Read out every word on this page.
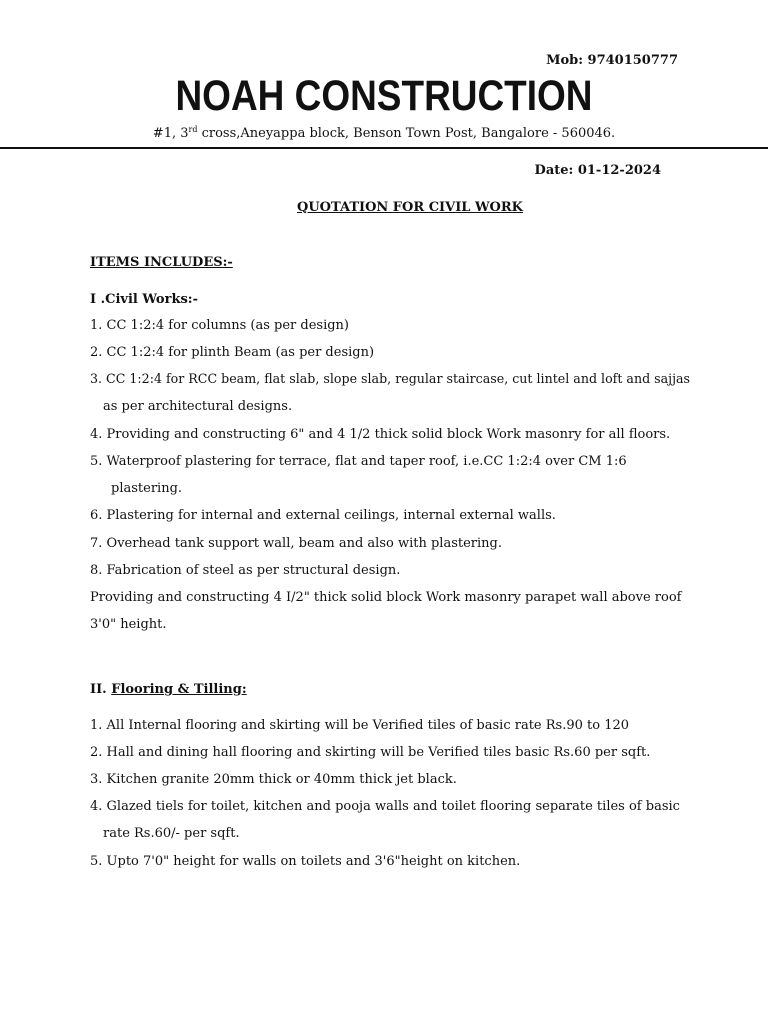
Mob: 9740150777
NOAH CONSTRUCTION
#1, 3rd cross,Aneyappa block, Benson Town Post, Bangalore - 560046.
Date: 01-12-2024
QUOTATION FOR CIVIL WORK
ITEMS INCLUDES:-
I .Civil Works:-
1. CC 1:2:4 for columns (as per design)
2. CC 1:2:4 for plinth Beam (as per design)
3. CC 1:2:4 for RCC beam, flat slab, slope slab, regular staircase, cut lintel and loft and sajjas
as per architectural designs.
4. Providing and constructing 6" and 4 1/2 thick solid block Work masonry for all floors.
5. Waterproof plastering for terrace, flat and taper roof, i.e.CC 1:2:4 over CM 1:6
plastering.
6. Plastering for internal and external ceilings, internal external walls.
7. Overhead tank support wall, beam and also with plastering.
8. Fabrication of steel as per structural design.
Providing and constructing 4 I/2" thick solid block Work masonry parapet wall above roof
3'0" height.
II. Flooring & Tilling:
1. All Internal flooring and skirting will be Verified tiles of basic rate Rs.90 to 120
2. Hall and dining hall flooring and skirting will be Verified tiles basic Rs.60 per sqft.
3. Kitchen granite 20mm thick or 40mm thick jet black.
4. Glazed tiels for toilet, kitchen and pooja walls and toilet flooring separate tiles of basic
rate Rs.60/- per sqft.
5. Upto 7'0" height for walls on toilets and 3'6"height on kitchen.
